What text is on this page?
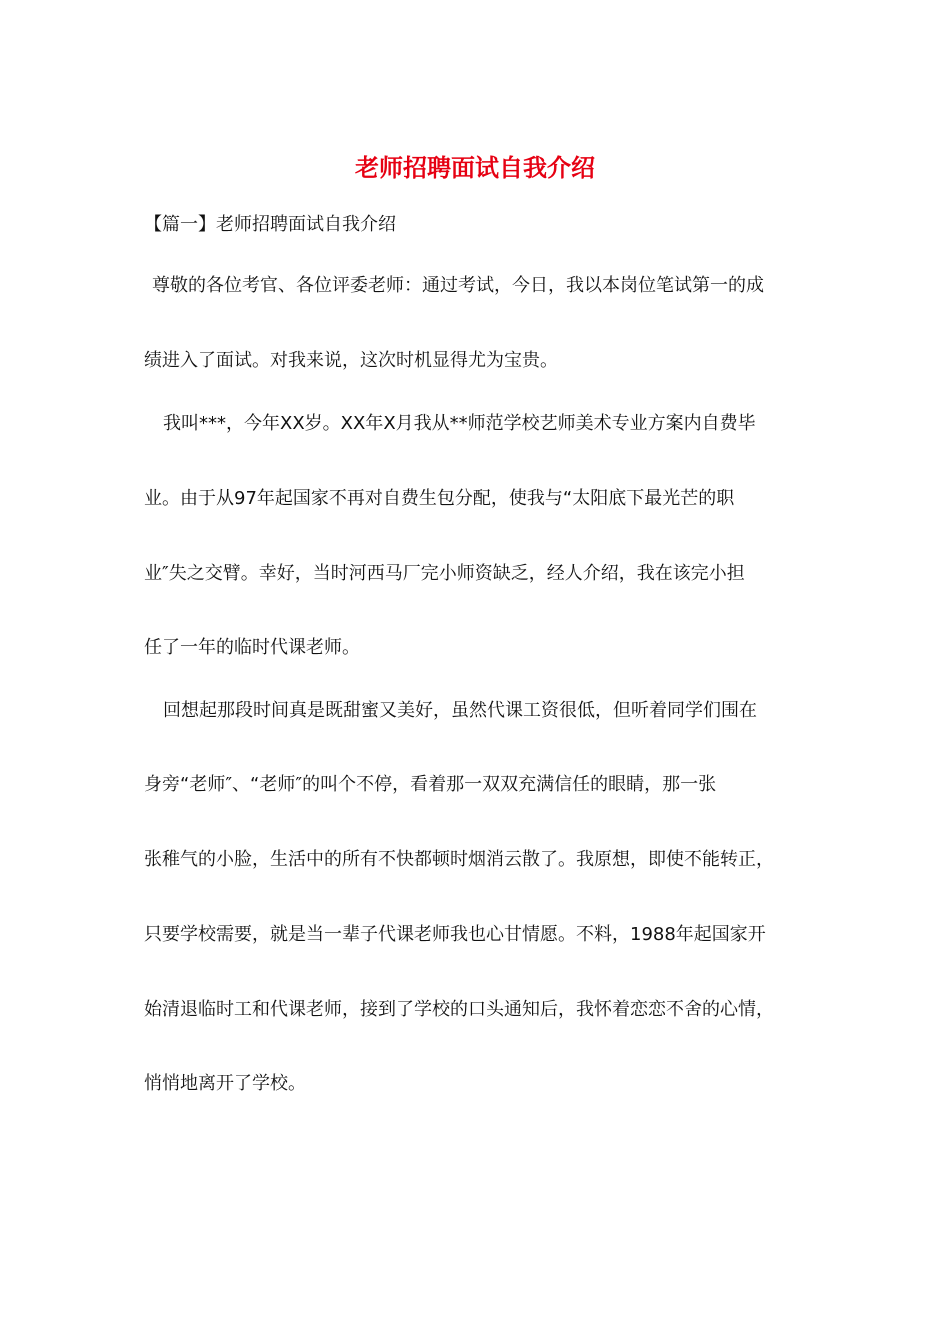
老师招聘面试自我介绍
【篇一】老师招聘面试自我介绍
尊敬的各位考官、各位评委老师：通过考试，今日，我以本岗位笔试第一的成
绩进入了面试。对我来说，这次时机显得尤为宝贵。
我叫***，今年XX岁。XX年X月我从**师范学校艺师美术专业方案内自费毕
业。由于从97年起国家不再对自费生包分配，使我与“太阳底下最光芒的职
业″失之交臂。幸好，当时河西马厂完小师资缺乏，经人介绍，我在该完小担
任了一年的临时代课老师。
回想起那段时间真是既甜蜜又美好，虽然代课工资很低，但听着同学们围在
身旁“老师″、“老师″的叫个不停，看着那一双双充满信任的眼睛，那一张
张稚气的小脸，生活中的所有不快都顿时烟消云散了。我原想，即使不能转正，
只要学校需要，就是当一辈子代课老师我也心甘情愿。不料，1988年起国家开
始清退临时工和代课老师，接到了学校的口头通知后，我怀着恋恋不舍的心情，
悄悄地离开了学校。
